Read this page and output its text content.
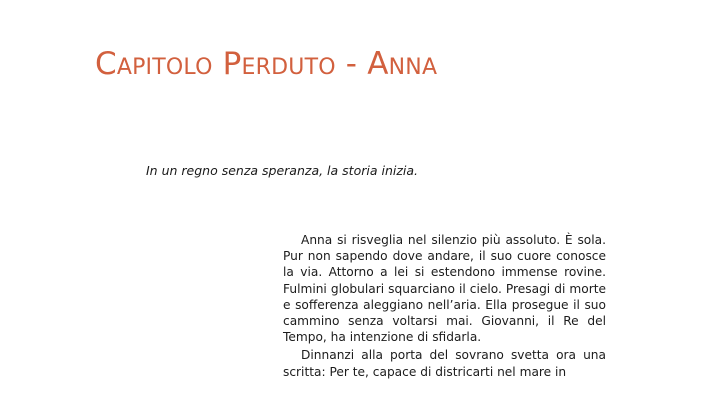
Capitolo Perduto - Anna

In un regno senza speranza, la storia inizia.

Anna si risveglia nel silenzio più assoluto. È sola. Pur non sapendo dove andare, il suo cuore conosce la via. Attorno a lei si estendono immense rovine. Fulmini globulari squarciano il cielo. Presagi di morte e sofferenza aleggiano nell’aria. Ella prosegue il suo cammino senza voltarsi mai. Giovanni, il Re del Tempo, ha intenzione di sfidarla.

Dinnanzi alla porta del sovrano svetta ora una scritta: Per te, capace di districarti nel mare in
